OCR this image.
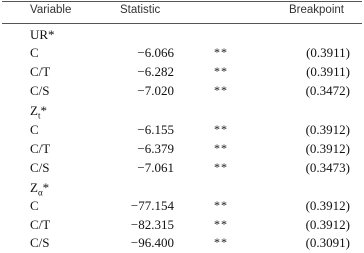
Variable	Statistic	Breakpoint
UR*
C	−6.066	**	(0.3911)
C/T	−6.282	**	(0.3911)
C/S	−7.020	**	(0.3472)
$Z_t*$
C	−6.155	**	(0.3912)
C/T	−6.379	**	(0.3912)
C/S	−7.061	**	(0.3473)
$Z_\alpha*$
C	−77.154	**	(0.3912)
C/T	−82.315	**	(0.3912)
C/S	−96.400	**	(0.3091)
